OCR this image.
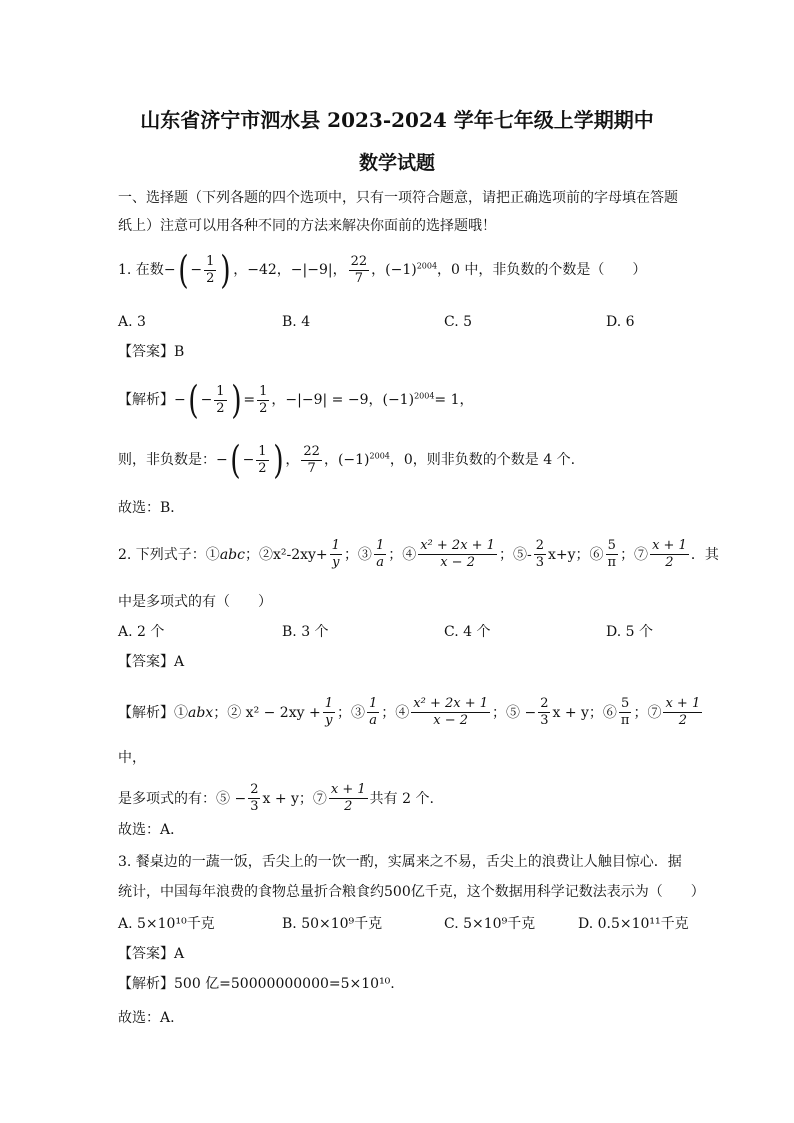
山东省济宁市泗水县 2023-2024 学年七年级上学期期中
数学试题
一、选择题（下列各题的四个选项中，只有一项符合题意，请把正确选项前的字母填在答题
纸上）注意可以用各种不同的方法来解决你面前的选择题哦！
1. 在数−( − $\frac{1}{2}$ ) ，−42，−|−9|， $\frac{22}{7}$ ，$(-1)^{2004}$，0 中，非负数的个数是（　　）
A. 3	B. 4	C. 5	D. 6
【答案】B
【解析】−( − $\frac{1}{2}$ ) = $\frac{1}{2}$ ，−|−9| = −9，$(-1)^{2004}= 1$，
则，非负数是：−( − $\frac{1}{2}$ ) ， $\frac{22}{7}$ ，$(-1)^{2004}$，0，则非负数的个数是 4 个.
故选：B．
2. 下列式子：①abc；②x²-2xy+ $\frac{1}{y}$ ；③ $\frac{1}{a}$ ；④ $\frac{\text{x² + 2x + 1}}{x - 2}$ ；⑤- $\frac{2}{3} x+y$；⑥ $\frac{5}{\pi}$ ；⑦ $\frac{x + 1}{2}$ ．其
中是多项式的有（　　）
A. 2 个	B. 3 个	C. 4 个	D. 5 个
【答案】A
【解析】①abx；② $x^2 - 2xy + \frac{1}{y}$ ；③ $\frac{1}{a}$ ；④ $\frac{\text{x² + 2x + 1}}{x - 2}$ ；⑤ − $\frac{2}{3}$ x + y；⑥ $\frac{5}{\pi}$ ；⑦ $\frac{x + 1}{2}$
中，
是多项式的有：⑤ − $\frac{2}{3}$ x + y；⑦ $\frac{x + 1}{2}$ 共有 2 个.
故选：A．
3. 餐桌边的一蔬一饭，舌尖上的一饮一酌，实属来之不易，舌尖上的浪费让人触目惊心．据
统计，中国每年浪费的食物总量折合粮食约500亿千克，这个数据用科学记数法表示为（　　）
A. 5×10¹⁰千克	B. 50×10⁹千克	C. 5×10⁹千克	D. 0.5×10¹¹千克
【答案】A
【解析】500 亿=50000000000=5×10¹⁰.
故选：A.
